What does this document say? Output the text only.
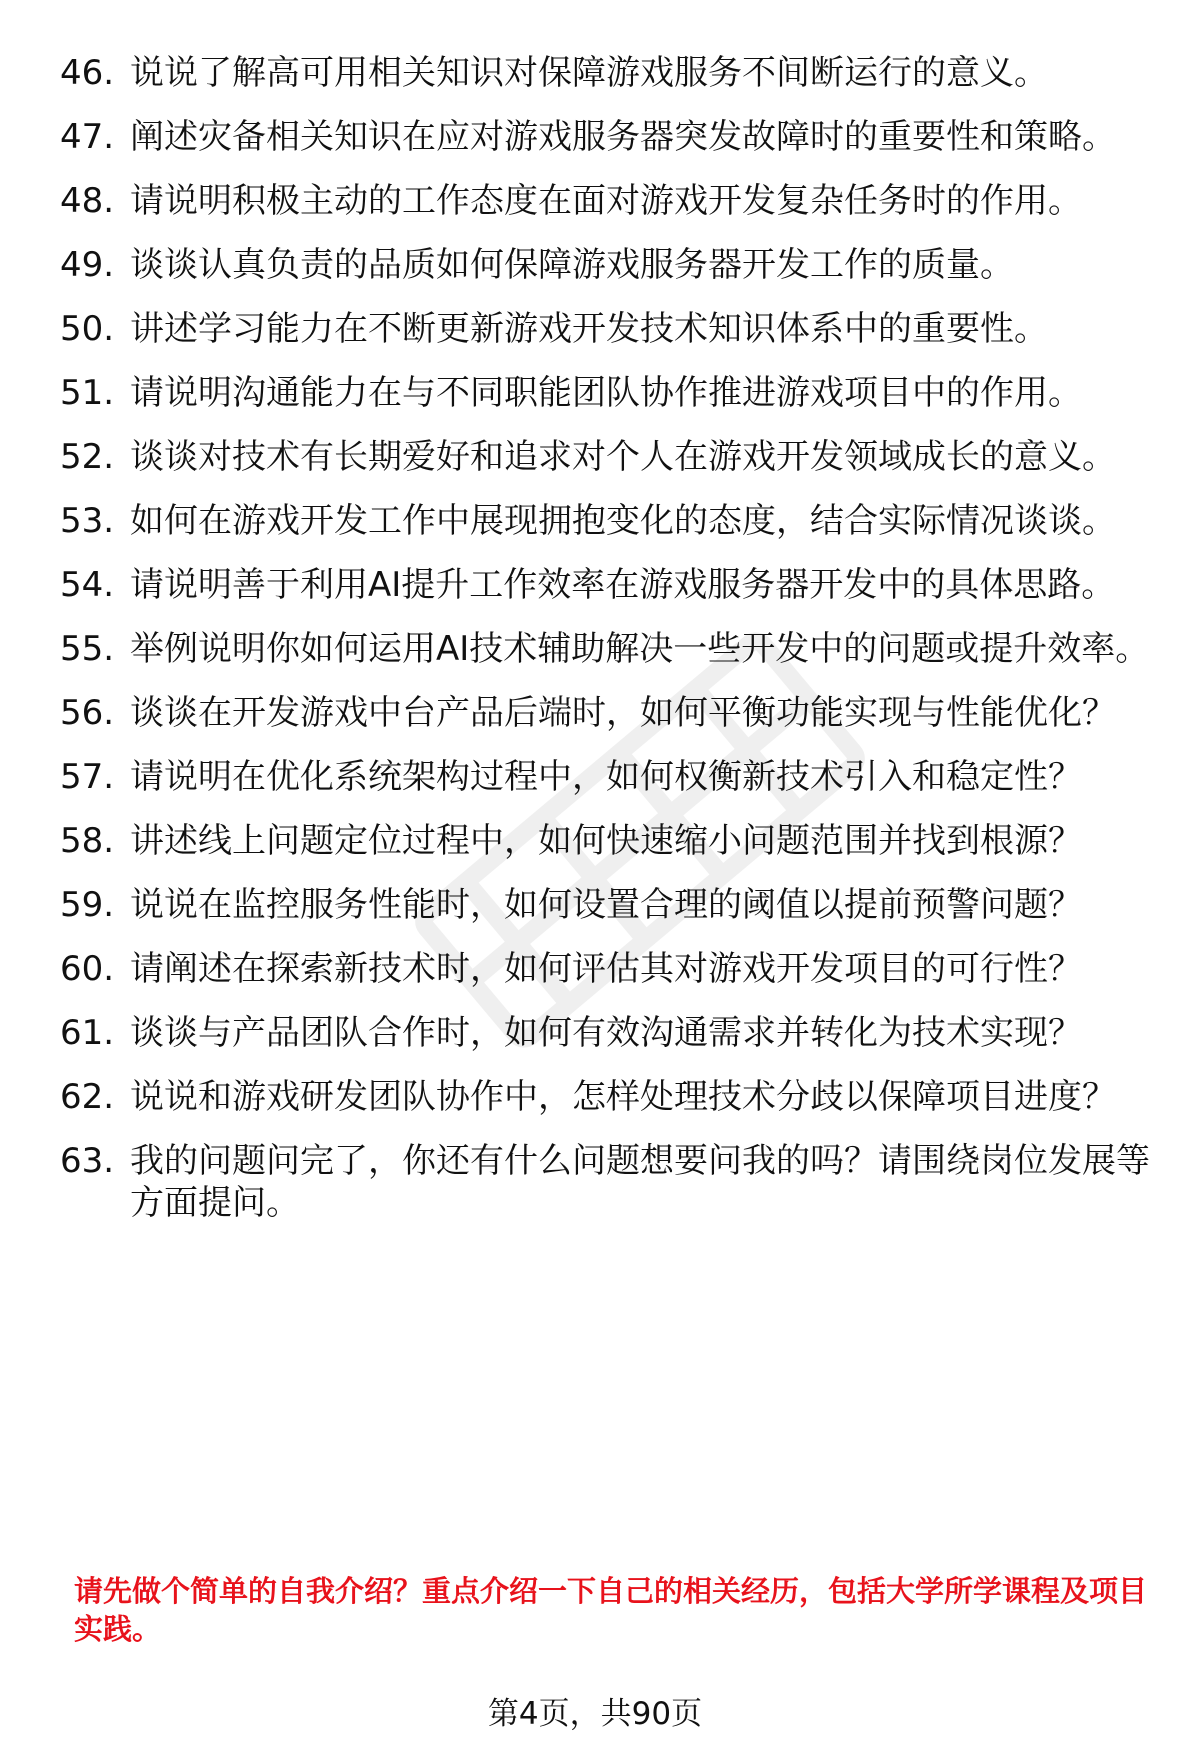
46. 说说了解高可用相关知识对保障游戏服务不间断运行的意义。
47. 阐述灾备相关知识在应对游戏服务器突发故障时的重要性和策略。
48. 请说明积极主动的工作态度在面对游戏开发复杂任务时的作用。
49. 谈谈认真负责的品质如何保障游戏服务器开发工作的质量。
50. 讲述学习能力在不断更新游戏开发技术知识体系中的重要性。
51. 请说明沟通能力在与不同职能团队协作推进游戏项目中的作用。
52. 谈谈对技术有长期爱好和追求对个人在游戏开发领域成长的意义。
53. 如何在游戏开发工作中展现拥抱变化的态度，结合实际情况谈谈。
54. 请说明善于利用AI提升工作效率在游戏服务器开发中的具体思路。
55. 举例说明你如何运用AI技术辅助解决一些开发中的问题或提升效率。
56. 谈谈在开发游戏中台产品后端时，如何平衡功能实现与性能优化？
57. 请说明在优化系统架构过程中，如何权衡新技术引入和稳定性？
58. 讲述线上问题定位过程中，如何快速缩小问题范围并找到根源？
59. 说说在监控服务性能时，如何设置合理的阈值以提前预警问题？
60. 请阐述在探索新技术时，如何评估其对游戏开发项目的可行性？
61. 谈谈与产品团队合作时，如何有效沟通需求并转化为技术实现？
62. 说说和游戏研发团队协作中，怎样处理技术分歧以保障项目进度？
63. 我的问题问完了，你还有什么问题想要问我的吗？请围绕岗位发展等方面提问。

请先做个简单的自我介绍？重点介绍一下自己的相关经历，包括大学所学课程及项目实践。

第4页，共90页
